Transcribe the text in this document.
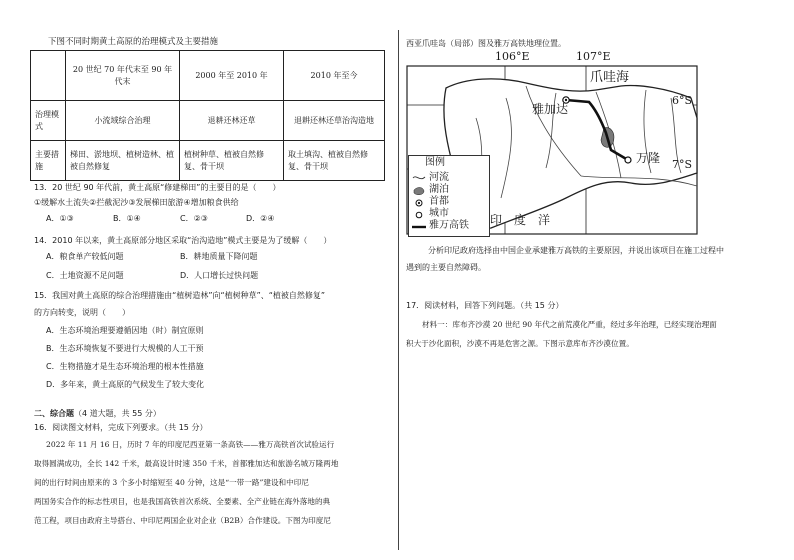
下图不同时期黄土高原的治理模式及主要措施
	20 世纪 70 年代末至 90 年代末	2000 年至 2010 年	2010 年至今
治理模式	小流域综合治理	退耕还林还草	退耕还林还草治沟造地
主要措施	梯田、淤地坝、植树造林、植被自然修复	植树种草、植被自然修复、骨干坝	取土填沟、植被自然修复、骨干坝
13．20 世纪 90 年代前，黄土高原“修建梯田”的主要目的是（　　）
①缓解水土流失②拦截泥沙③发展梯田旅游④增加粮食供给
A．①③	B．①④	C．②③	D．②④
14．2010 年以来，黄土高原部分地区采取“治沟造地”模式主要是为了缓解（　　）
A．粮食单产较低问题	B．耕地质量下降问题
C．土地资源不足问题	D．人口增长过快问题
15．我国对黄土高原的综合治理措施由“植树造林”向“植树种草”、“植被自然修复”
的方向转变，说明（　　）
A．生态环境治理要遵循因地（时）制宜原则
B．生态环境恢复不要进行大规模的人工干预
C．生物措施才是生态环境治理的根本性措施
D．多年来，黄土高原的气候发生了较大变化
二、综合题（4 道大题，共 55 分）
16．阅读图文材料，完成下列要求。（共 15 分）
2022 年 11 月 16 日，历时 7 年的印度尼西亚第一条高铁——雅万高铁首次试验运行
取得圆满成功，全长 142 千米，最高设计时速 350 千米，首都雅加达和旅游名城万隆两地
间的出行时间由原来的 3 个多小时缩短至 40 分钟，这是“一带一路”建设和中印尼
两国务实合作的标志性项目，也是我国高铁首次系统、全要素、全产业链在海外落地的典
范工程，项目由政府主导搭台、中印尼两国企业对企业（B2B）合作建设。下图为印度尼
西亚爪哇岛（局部）图及雅万高铁地理位置。
106°E	107°E
爪哇海
雅加达
万隆
6°S
7°S
印　度　洋
图例
河流
湖泊
首都
城市
雅万高铁
分析印尼政府选择由中国企业承建雅万高铁的主要原因，并说出该项目在施工过程中
遇到的主要自然障碍。
17．阅读材料，回答下列问题。（共 15 分）
材料一：库布齐沙漠 20 世纪 90 年代之前荒漠化严重，经过多年治理，已经实现治理面
积大于沙化面积，沙漠不再是危害之源。下图示意库布齐沙漠位置。
